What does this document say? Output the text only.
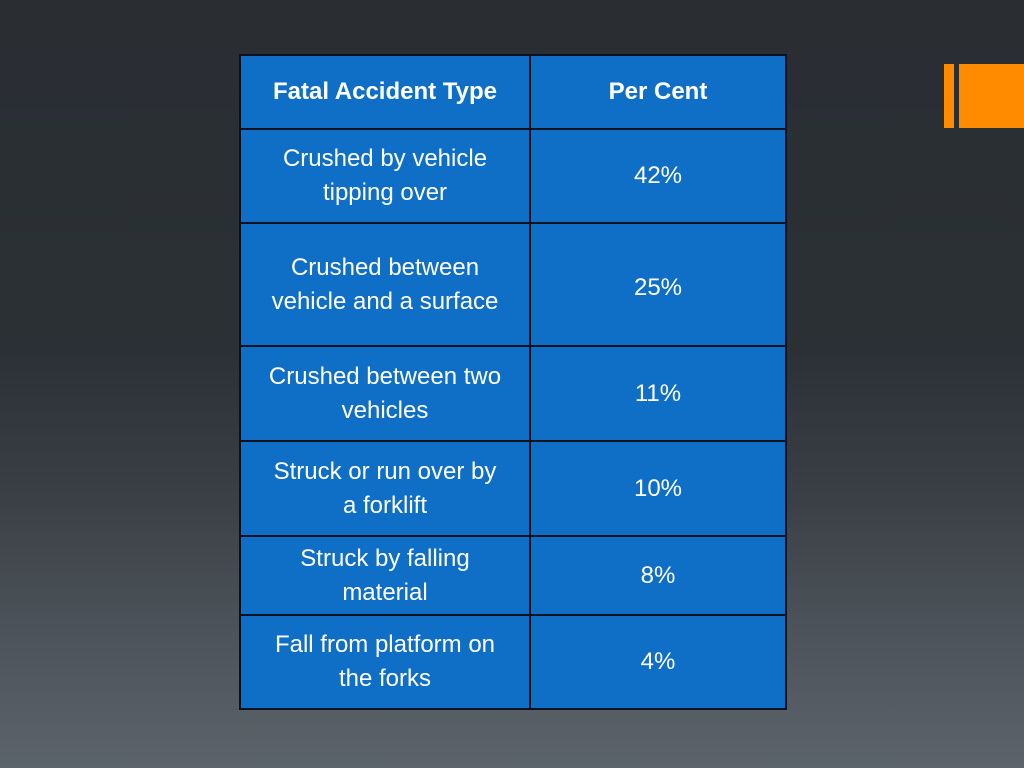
Fatal Accident Type	Per Cent
Crushed by vehicle
tipping over	42%
Crushed between
vehicle and a surface	25%
Crushed between two
vehicles	11%
Struck or run over by
a forklift	10%
Struck by falling
material	8%
Fall from platform on
the forks	4%
